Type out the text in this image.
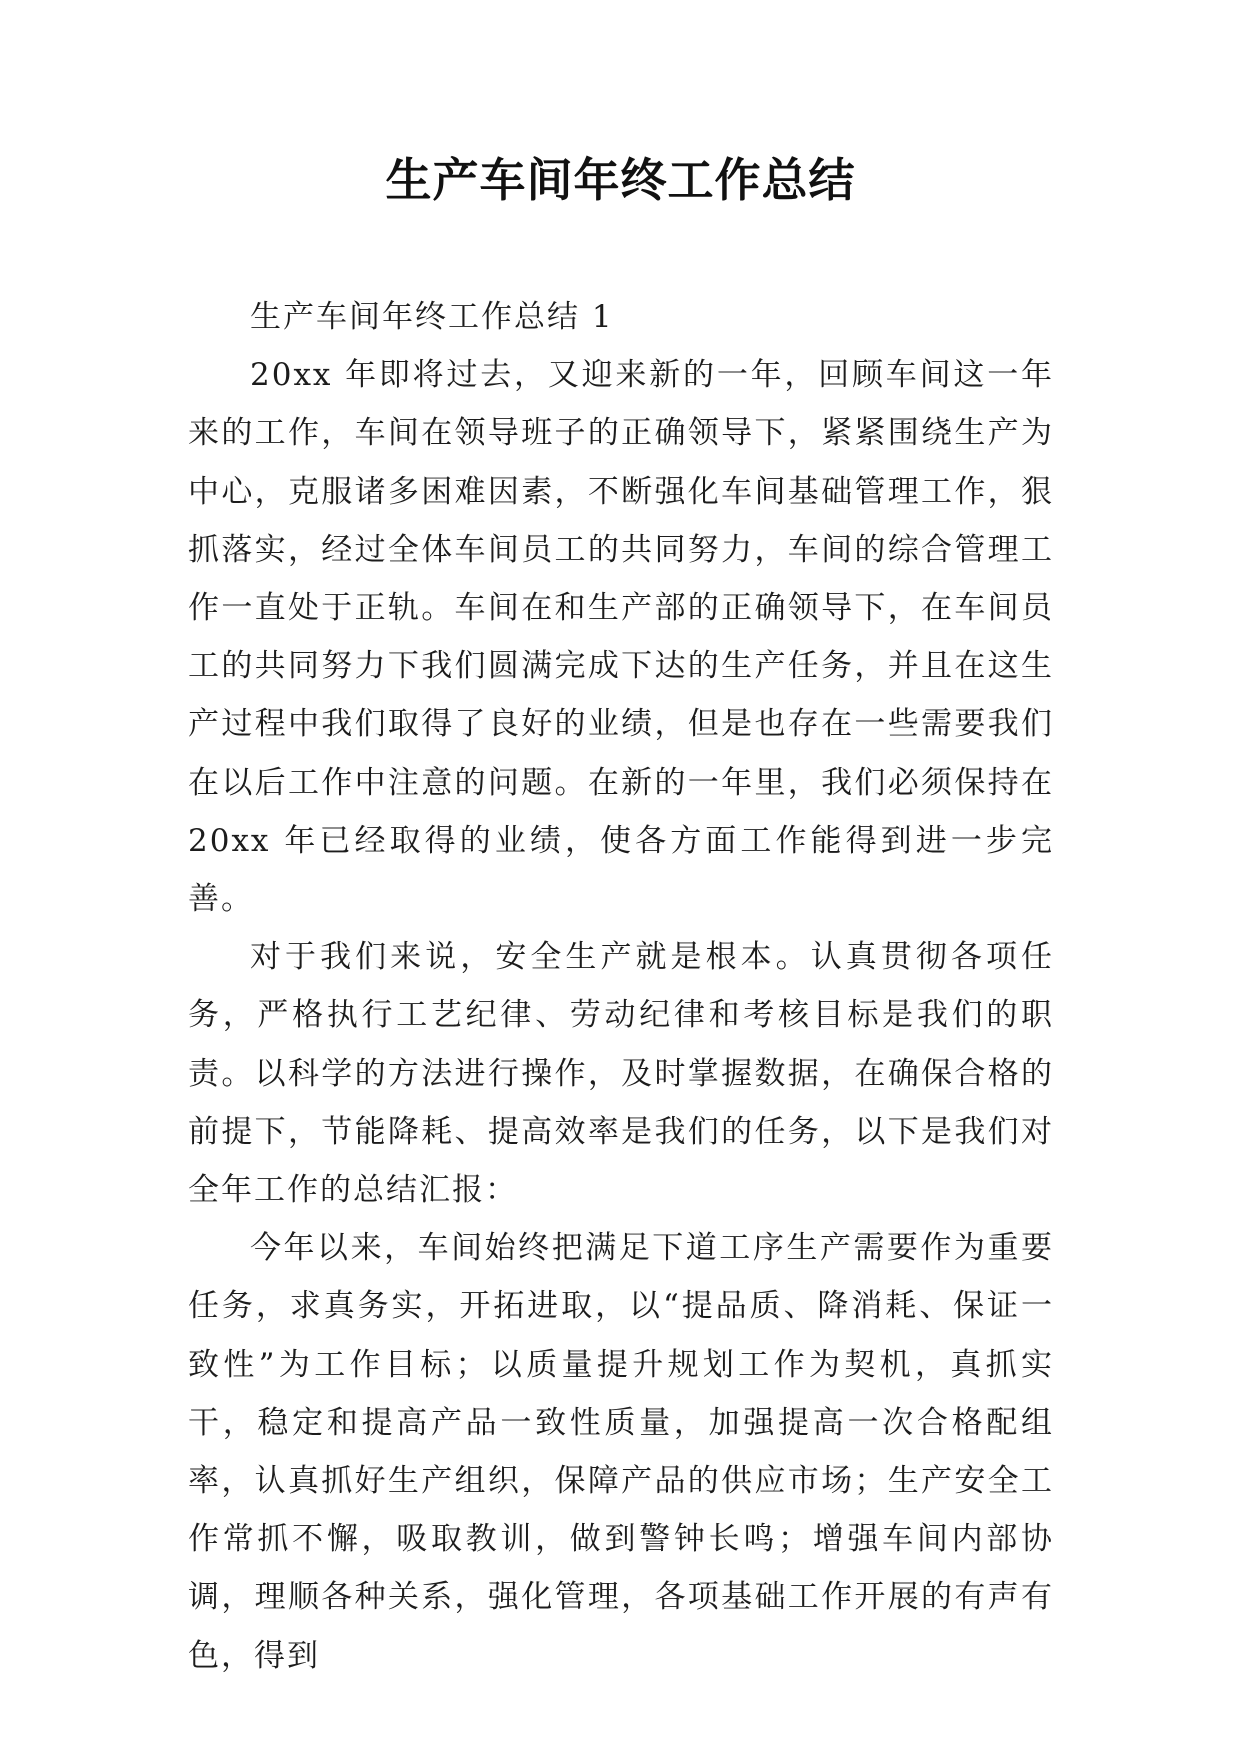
生产车间年终工作总结

生产车间年终工作总结 1

20xx 年即将过去，又迎来新的一年，回顾车间这一年来的工作，车间在领导班子的正确领导下，紧紧围绕生产为中心，克服诸多困难因素，不断强化车间基础管理工作，狠抓落实，经过全体车间员工的共同努力，车间的综合管理工作一直处于正轨。车间在和生产部的正确领导下，在车间员工的共同努力下我们圆满完成下达的生产任务，并且在这生产过程中我们取得了良好的业绩，但是也存在一些需要我们在以后工作中注意的问题。在新的一年里，我们必须保持在20xx 年已经取得的业绩，使各方面工作能得到进一步完善。

对于我们来说，安全生产就是根本。认真贯彻各项任务，严格执行工艺纪律、劳动纪律和考核目标是我们的职责。以科学的方法进行操作，及时掌握数据，在确保合格的前提下，节能降耗、提高效率是我们的任务，以下是我们对全年工作的总结汇报：

今年以来，车间始终把满足下道工序生产需要作为重要任务，求真务实，开拓进取，以“提品质、降消耗、保证一致性”为工作目标；以质量提升规划工作为契机，真抓实干，稳定和提高产品一致性质量，加强提高一次合格配组率，认真抓好生产组织，保障产品的供应市场；生产安全工作常抓不懈，吸取教训，做到警钟长鸣；增强车间内部协调，理顺各种关系，强化管理，各项基础工作开展的有声有色，得到
